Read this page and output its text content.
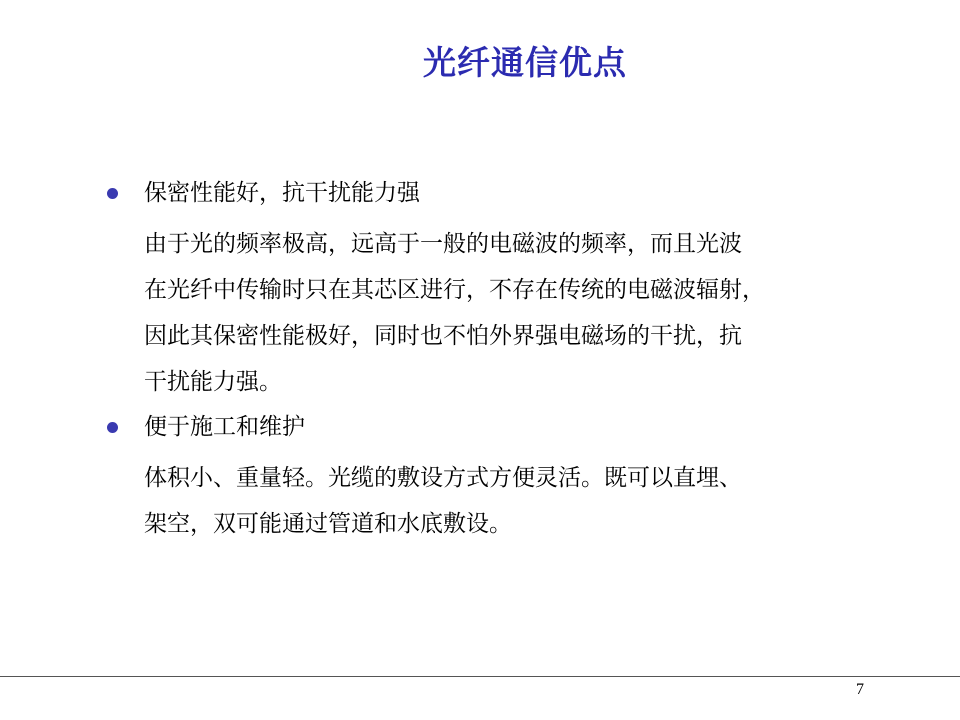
光纤通信优点
保密性能好，抗干扰能力强
由于光的频率极高，远高于一般的电磁波的频率，而且光波
在光纤中传输时只在其芯区进行，不存在传统的电磁波辐射，
因此其保密性能极好，同时也不怕外界强电磁场的干扰，抗
干扰能力强。
便于施工和维护
体积小、重量轻。光缆的敷设方式方便灵活。既可以直埋、
架空，双可能通过管道和水底敷设。
7
